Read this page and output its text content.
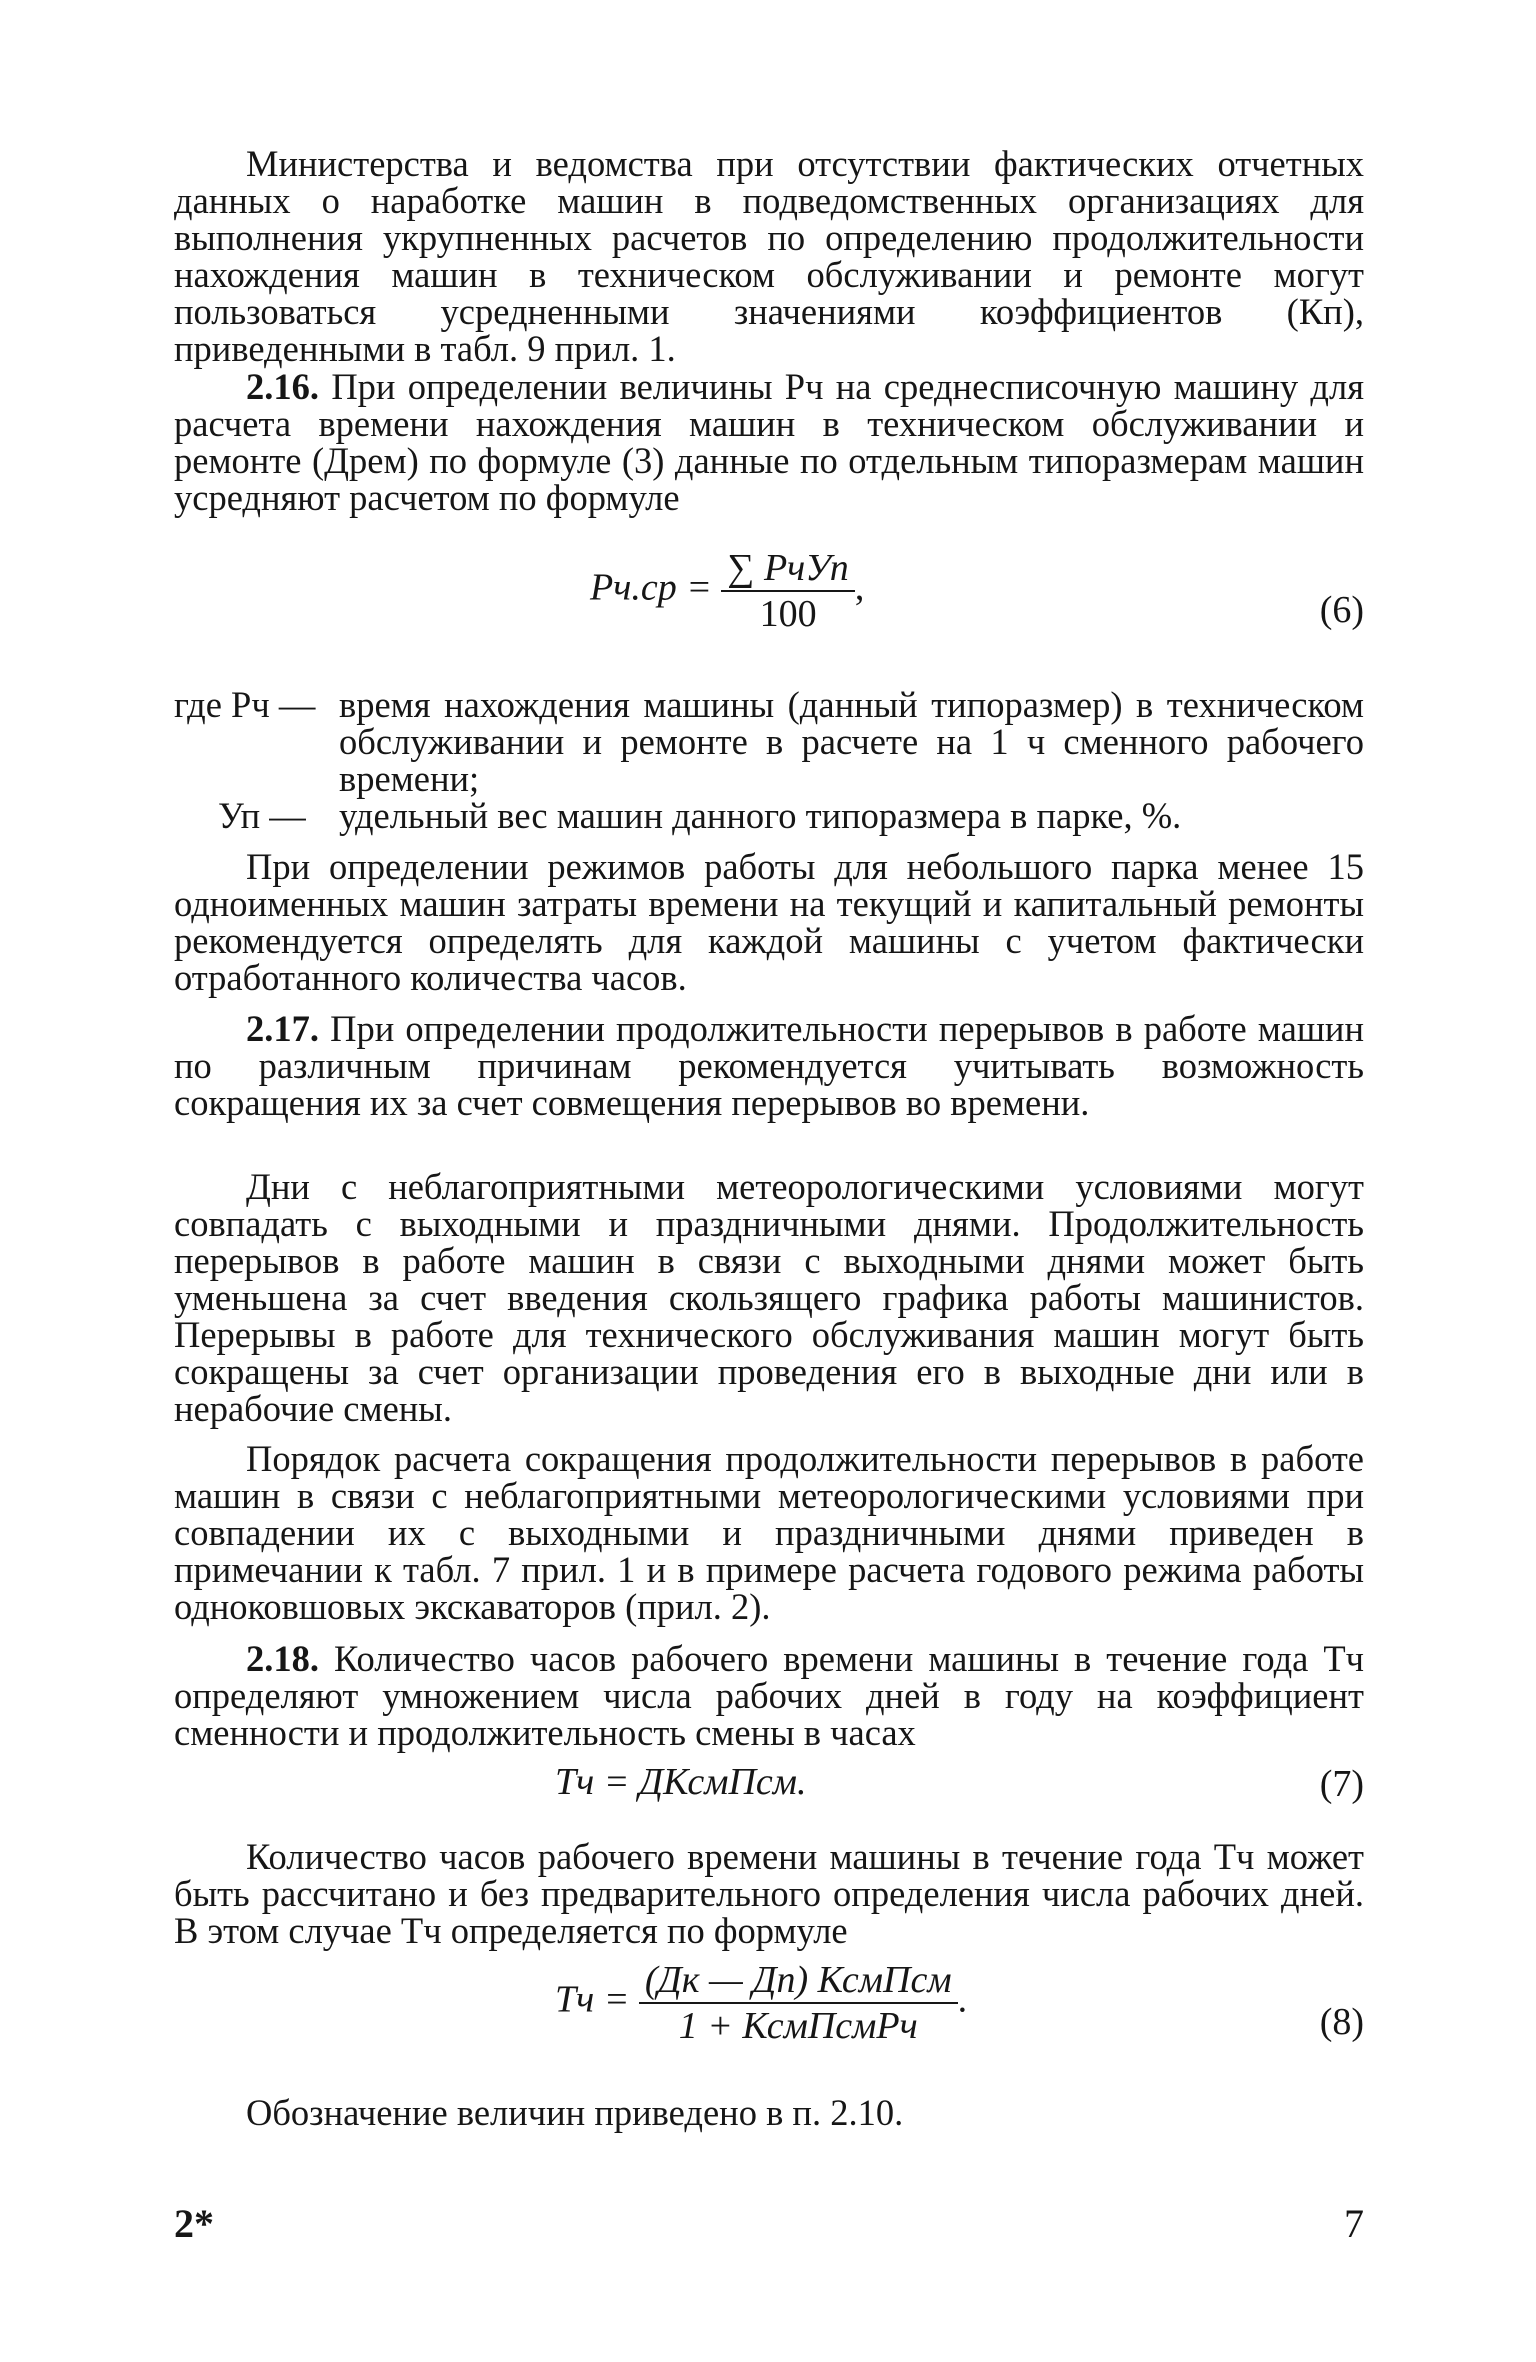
Министерства и ведомства при отсутствии фактических отчетных данных о наработке машин в подведомственных организациях для выполнения укрупненных расчетов по определению продолжительности нахождения машин в техническом обслуживании и ремонте могут пользоваться усредненными значениями коэффициентов (Кп), приведенными в табл. 9 прил. 1.

2.16. При определении величины Рч на среднесписочную машину для расчета времени нахождения машин в техническом обслуживании и ремонте (Дрем) по формуле (3) данные по отдельным типоразмерам машин усредняют расчетом по формуле

$Рч.ср = \frac{\text{∑ РчУп}}{100}$ ,
(6)
где Рч — время нахождения машины (данный типоразмер) в техническом обслуживании и ремонте в расчете на 1 ч сменного рабочего времени;
Уп — удельный вес машин данного типоразмера в парке, %.

При определении режимов работы для небольшого парка менее 15 одноименных машин затраты времени на текущий и капитальный ремонты рекомендуется определять для каждой машины с учетом фактически отработанного количества часов.

2.17. При определении продолжительности перерывов в работе машин по различным причинам рекомендуется учитывать возможность сокращения их за счет совмещения перерывов во времени.

Дни с неблагоприятными метеорологическими условиями могут совпадать с выходными и праздничными днями. Продолжительность перерывов в работе машин в связи с выходными днями может быть уменьшена за счет введения скользящего графика работы машинистов. Перерывы в работе для технического обслуживания машин могут быть сокращены за счет организации проведения его в выходные дни или в нерабочие смены.

Порядок расчета сокращения продолжительности перерывов в работе машин в связи с неблагоприятными метеорологическими условиями при совпадении их с выходными и праздничными днями приведен в примечании к табл. 7 прил. 1 и в примере расчета годового режима работы одноковшовых экскаваторов (прил. 2).

2.18. Количество часов рабочего времени машины в течение года Тч определяют умножением числа рабочих дней в году на коэффициент сменности и продолжительность смены в часах

Тч = ДКсмПсм.	(7)

Количество часов рабочего времени машины в течение года Тч может быть рассчитано и без предварительного определения числа рабочих дней. В этом случае Тч определяется по формуле

Тч = $\frac{\text{(Дк — Дп) КсмПсм}}{\text{1 + КсмПсмРч}}$ .
(8)

Обозначение величин приведено в п. 2.10.

2*	7
